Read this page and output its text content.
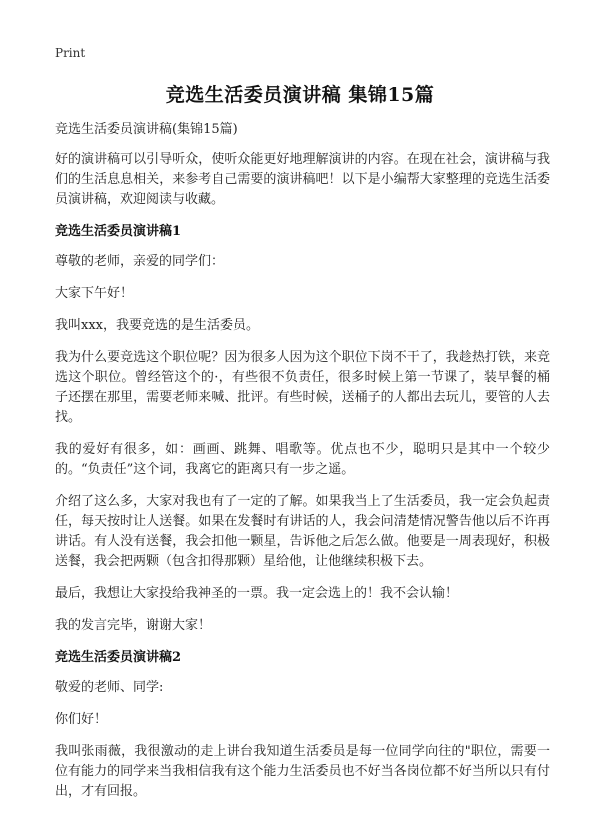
Print
竞选生活委员演讲稿 集锦15篇

竞选生活委员演讲稿(集锦15篇)

好的演讲稿可以引导听众，使听众能更好地理解演讲的内容。在现在社会，演讲稿与我们的生活息息相关，来参考自己需要的演讲稿吧！以下是小编帮大家整理的竞选生活委员演讲稿，欢迎阅读与收藏。

竞选生活委员演讲稿1

尊敬的老师，亲爱的同学们：

大家下午好！

我叫xxx，我要竞选的是生活委员。

我为什么要竞选这个职位呢？因为很多人因为这个职位下岗不干了，我趁热打铁，来竞选这个职位。曾经管这个的·，有些很不负责任，很多时候上第一节课了，装早餐的桶子还摆在那里，需要老师来喊、批评。有些时候，送桶子的人都出去玩儿，要管的人去找。

我的爱好有很多，如：画画、跳舞、唱歌等。优点也不少，聪明只是其中一个较少的。“负责任”这个词，我离它的距离只有一步之遥。

介绍了这么多，大家对我也有了一定的了解。如果我当上了生活委员，我一定会负起责任，每天按时让人送餐。如果在发餐时有讲话的人，我会问清楚情况警告他以后不许再讲话。有人没有送餐，我会扣他一颗星，告诉他之后怎么做。他要是一周表现好，积极送餐，我会把两颗（包含扣得那颗）星给他，让他继续积极下去。

最后，我想让大家投给我神圣的一票。我一定会选上的！我不会认输！

我的发言完毕，谢谢大家！

竞选生活委员演讲稿2

敬爱的老师、同学:

你们好！

我叫张雨薇，我很激动的走上讲台我知道生活委员是每一位同学向往的"职位，需要一位有能力的同学来当我相信我有这个能力生活委员也不好当各岗位都不好当所以只有付出，才有回报。
